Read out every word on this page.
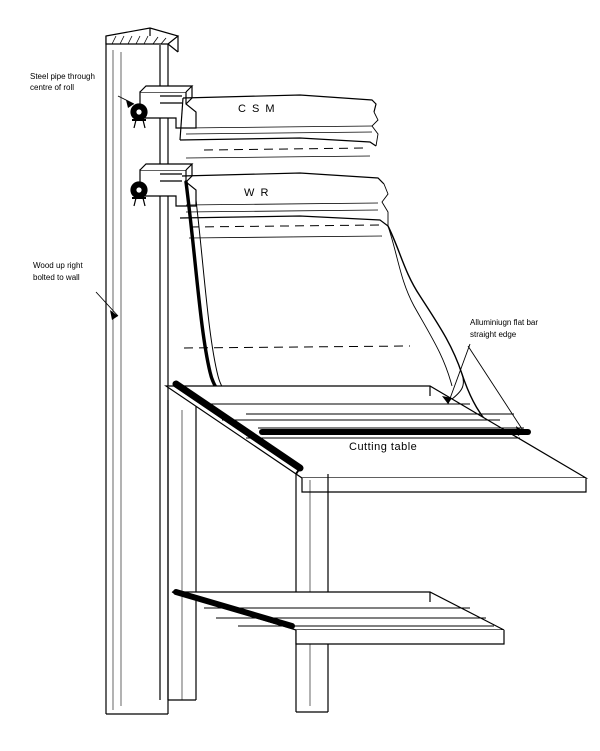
Steel pipe through
centre of roll
Wood up right
bolted to wall
C S M
W R
Alluminiugn flat bar
straight edge
Cutting table
